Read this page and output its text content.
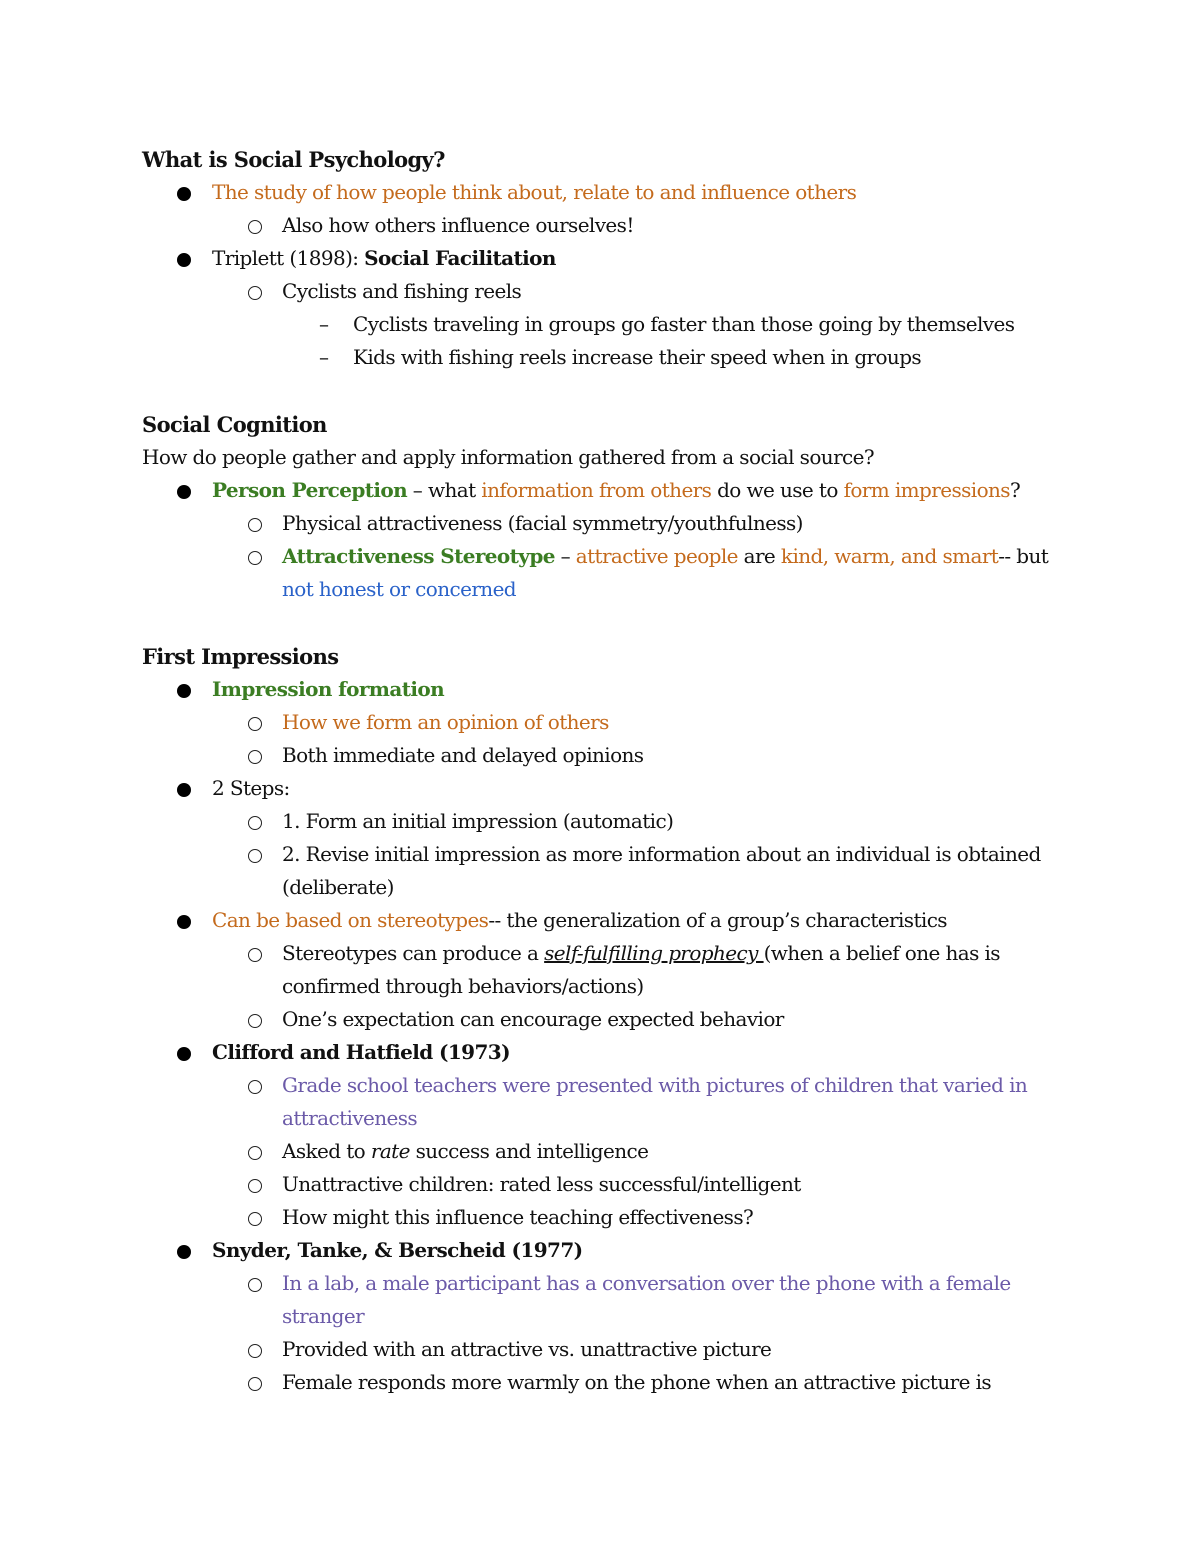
What is Social Psychology?

The study of how people think about, relate to and influence others
Also how others influence ourselves!
Triplett (1898): Social Facilitation
Cyclists and fishing reels
– Cyclists traveling in groups go faster than those going by themselves
– Kids with fishing reels increase their speed when in groups

Social Cognition

How do people gather and apply information gathered from a social source?

Person Perception – what information from others do we use to form impressions?
Physical attractiveness (facial symmetry/youthfulness)
Attractiveness Stereotype – attractive people are kind, warm, and smart-- but not honest or concerned

First Impressions

Impression formation
How we form an opinion of others
Both immediate and delayed opinions
2 Steps:
1. Form an initial impression (automatic)
2. Revise initial impression as more information about an individual is obtained (deliberate)
Can be based on stereotypes-- the generalization of a group’s characteristics
Stereotypes can produce a self-fulfilling prophecy (when a belief one has is confirmed through behaviors/actions)
One’s expectation can encourage expected behavior
Clifford and Hatfield (1973)
Grade school teachers were presented with pictures of children that varied in attractiveness
Asked to rate success and intelligence
Unattractive children: rated less successful/intelligent
How might this influence teaching effectiveness?
Snyder, Tanke, & Berscheid (1977)
In a lab, a male participant has a conversation over the phone with a female stranger
Provided with an attractive vs. unattractive picture
Female responds more warmly on the phone when an attractive picture is
